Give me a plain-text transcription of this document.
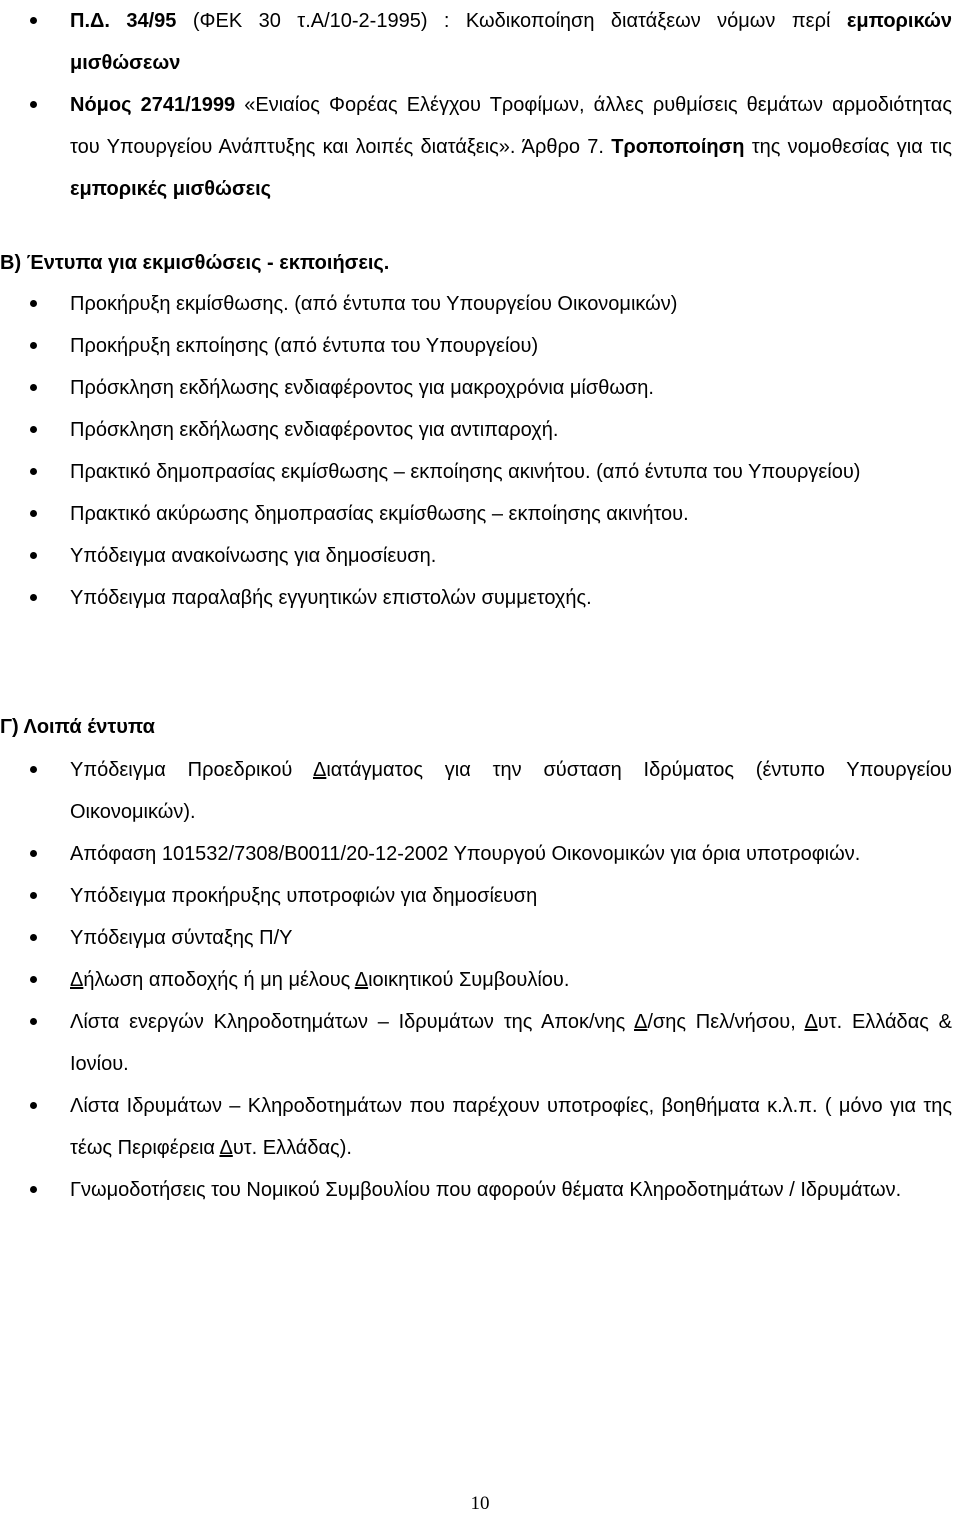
Π.Δ. 34/95 (ΦΕΚ 30 τ.Α/10-2-1995) : Κωδικοποίηση διατάξεων νόμων περί εμπορικών μισθώσεων
Νόμος 2741/1999 «Ενιαίος Φορέας Ελέγχου Τροφίμων, άλλες ρυθμίσεις θεμάτων αρμοδιότητας του Υπουργείου Ανάπτυξης και λοιπές διατάξεις». Άρθρο 7. Τροποποίηση της νομοθεσίας για τις εμπορικές μισθώσεις
Β) Έντυπα για εκμισθώσεις - εκποιήσεις.
Προκήρυξη εκμίσθωσης. (από έντυπα του Υπουργείου Οικονομικών)
Προκήρυξη εκποίησης (από έντυπα του Υπουργείου)
Πρόσκληση εκδήλωσης ενδιαφέροντος για μακροχρόνια μίσθωση.
Πρόσκληση εκδήλωσης ενδιαφέροντος για αντιπαροχή.
Πρακτικό δημοπρασίας εκμίσθωσης – εκποίησης ακινήτου. (από έντυπα του Υπουργείου)
Πρακτικό ακύρωσης δημοπρασίας εκμίσθωσης – εκποίησης ακινήτου.
Υπόδειγμα ανακοίνωσης για δημοσίευση.
Υπόδειγμα παραλαβής εγγυητικών επιστολών συμμετοχής.
Γ) Λοιπά έντυπα
Υπόδειγμα Προεδρικού Διατάγματος για την σύσταση Ιδρύματος (έντυπο Υπουργείου Οικονομικών).
Απόφαση 101532/7308/Β0011/20-12-2002 Υπουργού Οικονομικών για όρια υποτροφιών.
Υπόδειγμα προκήρυξης υποτροφιών για δημοσίευση
Υπόδειγμα σύνταξης Π/Υ
Δήλωση αποδοχής ή μη μέλους Διοικητικού Συμβουλίου.
Λίστα ενεργών Κληροδοτημάτων – Ιδρυμάτων της Αποκ/νης Δ/σης Πελ/νήσου, Δυτ. Ελλάδας & Ιονίου.
Λίστα Ιδρυμάτων – Κληροδοτημάτων που παρέχουν υποτροφίες, βοηθήματα κ.λ.π. ( μόνο για της τέως Περιφέρεια Δυτ. Ελλάδας).
Γνωμοδοτήσεις του Νομικού Συμβουλίου που αφορούν θέματα Κληροδοτημάτων / Ιδρυμάτων.
10
